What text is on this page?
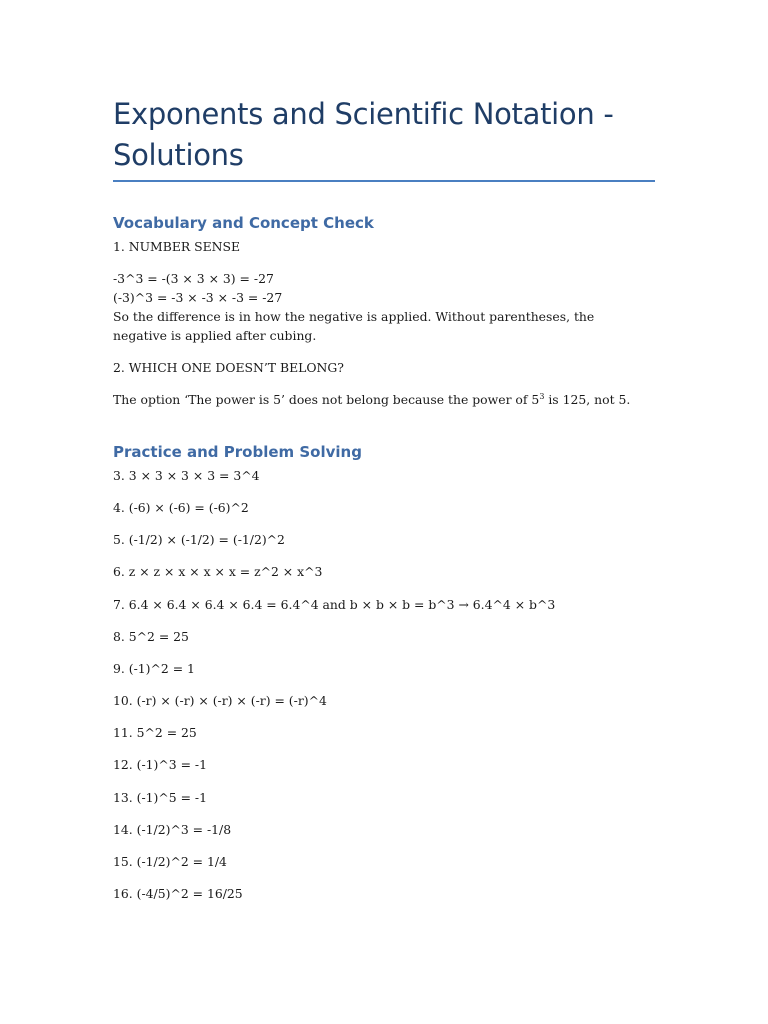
Exponents and Scientific Notation - Solutions
Vocabulary and Concept Check

1. NUMBER SENSE

-3^3 = -(3 × 3 × 3) = -27

(-3)^3 = -3 × -3 × -3 = -27

So the difference is in how the negative is applied. Without parentheses, the negative is applied after cubing.

2. WHICH ONE DOESN’T BELONG?

The option ‘The power is 5’ does not belong because the power of $5^3$ is 125, not 5.

Practice and Problem Solving

3. 3 × 3 × 3 × 3 = 3^4

4. (-6) × (-6) = (-6)^2

5. (-1/2) × (-1/2) = (-1/2)^2

6. z × z × x × x × x = z^2 × x^3

7. 6.4 × 6.4 × 6.4 × 6.4 = 6.4^4 and b × b × b = b^3 → 6.4^4 × b^3

8. 5^2 = 25

9. (-1)^2 = 1

10. (-r) × (-r) × (-r) × (-r) = (-r)^4

11. 5^2 = 25

12. (-1)^3 = -1

13. (-1)^5 = -1

14. (-1/2)^3 = -1/8

15. (-1/2)^2 = 1/4

16. (-4/5)^2 = 16/25
